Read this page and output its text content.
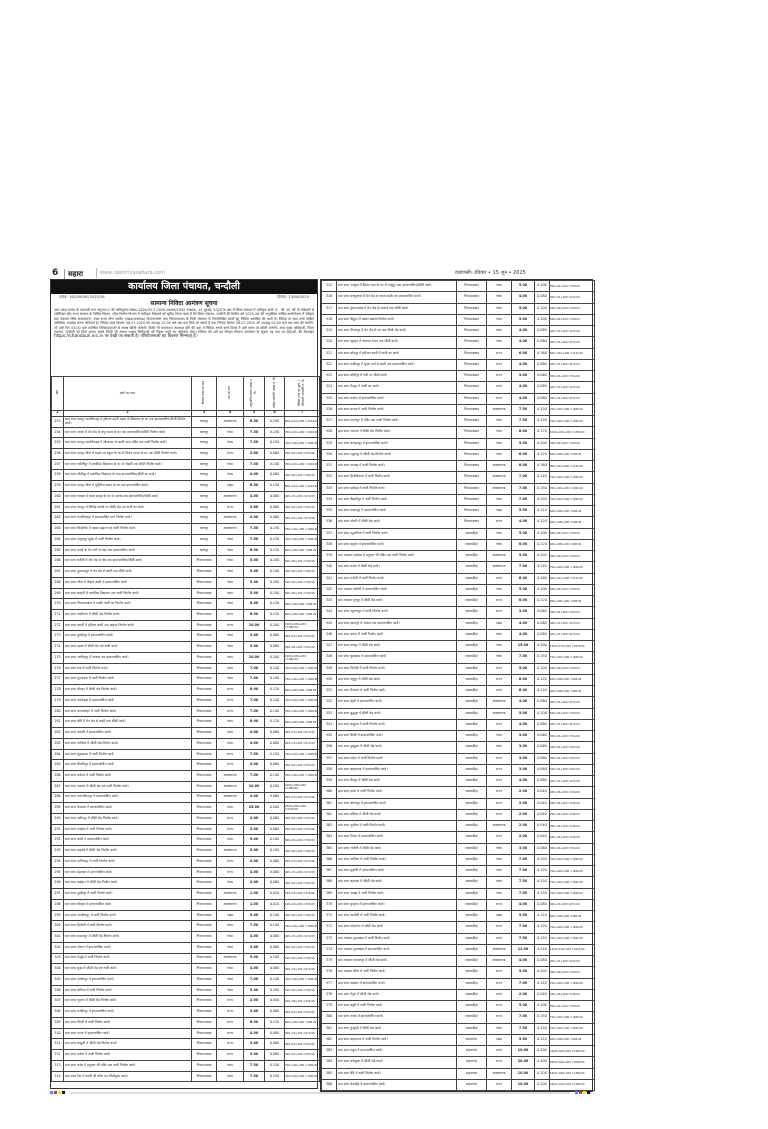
6	सहारा	www.rashtriyasahara.com	वाराणसी। रविवार • 15 जून • 2025
कार्यालय जिला पंचायत, चन्दौली
पत्रांक: 162/अ0/अ0/2025/26	दिनांक: 13/06/2025
सामान्य निविदा आमंत्रण सूचना
उत्तर प्रदेश शासन के पंचायती राज अनुभाग-2 की अधिसूचना संख्या-1426/33-2-2020-सामान्य/2020 लखनऊ, 14 जुलाई, 2020 के क्रम में जिला पंचायत में पंजीकृत श्रेणी 'ए', 'बी' एवं 'सी' के ठेकेदारों से अतिरिक्त और राज्य सरकार के विभिन्न विभाग, लोक निर्माण विभाग में पंजीकृत ठेकेदारों को सूचित किया जाता है कि जिला पंचायत, चन्दौली की वित्तीय वर्ष 2025-26 की अनुमोदित वार्षिक कार्ययोजना में स्वीकृत ग्राम पंचायत निधि अवस्थापना, पंचम राज्य वित्त आयोग (टाइड/अनटाइड) योजनान्तर्गत तथा जिलापंचायत के निजी संसाधन से निम्नलिखित कार्यों हेतु निविदा आमंत्रित की जाती है। निविदा के साथ सभी वांछित अभिलेख अपलोड करना अनिवार्य है। निविदा प्रपत्र दिनांक 08.07.2025 को अपराह्न 12:00 बजे तक क्रय किये जा सकते हैं तथा निविदा दिनांक 08.07.2025 को अपराह्न 02:00 बजे तक जमा की जायेगी, जो उसी दिन 03:00 बजे उपस्थित निविदादाताओं के समक्ष खोली जायेगी। किसी भी कारणवश अवकाश होने की दशा में निविदा अगले कार्य दिवस में उसी समय पर खोली जायेगी। अपर मुख्य अधिकारी, जिला पंचायत, चन्दौली को बिना कारण बताये किसी भी अथवा समस्त निविदाओं को निरस्त करने का अधिकार होगा। निविदा की शर्तें एवं विस्तृत विवरण कार्यालय के सूचना पट्ट तथा एन.आई.सी. की वेबसाइट https://chandauli.nic.in पर देखी जा सकती है। परियोजनाओं का विवरण निम्नवत् है:-
क्रम	कार्य का नाम	विकास खण्ड का नाम	मद का नाम	अनुमानित लागत (लाख रु. में)	धरोहर धनराशि (लाख रु. में)	निविदा प्रपत्र का मूल्य + जीएसटी (धनराशि रु. में)
1	2	3	4	5	6	7
253	ग्राम सभा रामपुर कमलिकाहा में हरिजन बस्ती सड़क से शिवालय के घर तक इण्टरलाकिंग/सीसी निर्माण कार्य।	धानापुर	अवस्थापना	6.50	0.290	800+144+200 =1144.00
254	ग्राम सभा अमरा में मेन रोड से रामू यादव के घर तक इण्टरलाकिंग/सीसी निर्माण कार्य।	धानापुर	पंचम	7.50	0.150	700+126+200 =1026.00
255	ग्राम सभा रामपुर कमलिकाहा में शौचालय से काली माता मंदिर तक नाली निर्माण कार्य।	धानापुर	पंचम	7.50	0.150	700+126+200 =1026.00
256	ग्राम सभा रामपुर दियां में सड़क पर स्कूल के घर से विजय यादव के घर तक सीसी निर्माण कार्य।	धानापुर	राज्य	2.80	0.060	300+54+200 =554.00
257	ग्राम सभा नरौलीपुर में प्राथमिक विद्यालय के घर से पोखरी तक सीसी निर्माण कार्य।	धानापुर	पंचम	7.00	0.140	700+126+200 =1026.00
258	ग्राम सभा सौदीपुर में प्राथमिक विद्यालय के पास इण्टरलाकिंग/सीसी का कार्य।	धानापुर	पंचम	4.00	0.080	500+90+200 =790.00
259	ग्राम सभा रामपुर दियां में मुहिनिस यादव के घर तक इण्टरलाकिंग कार्य।	धानापुर	टाइड	6.50	0.130	800+144+200 =1144.00
260	ग्राम सभा गदसरा में बाबा साहब के घर से तालाब तक इण्टरलाकिंग/सीसी कार्य।	धानापुर	अवस्थापना	4.00	0.080	400+72+200 =672.00
261	ग्राम सभा रामपुर में विभिन्न स्थानों पर सीसी रोड एवं नाली का कार्य।	धानापुर	राज्य	2.80	0.060	300+54+200 =554.00
262	ग्राम सभा कमलिकाहा में इण्टरलाकिंग मार्ग निर्माण कार्य।	धानापुर	अवस्थापना	4.00	0.080	400+72+200 =672.00
263	ग्राम सभा चिरईगाँव में पक्का खड़ंजा एवं नाली निर्माण कार्य।	धानापुर	अवस्थापना	7.50	0.150	700+126+200 =1026.00
264	ग्राम सभा अमूलपुर मुड़ेरा में नाली निर्माण कार्य।	धानापुर	पंचम	7.50	0.150	700+126+200 =1026.00
265	ग्राम सभा कवई के मेन मार्ग से नहर तक इण्टरलाकिंग कार्य।	धानापुर	पंचम	6.00	0.120	600+108+200 =908.00
266	ग्राम सभा धरौली में मेन रोड से गाँव तक इण्टरलाकिंग/सीसी कार्य।	नियामताबाद	पंचम	5.00	0.100	500+90+200 =790.00
267	ग्राम सभा मुहम्मदपुर में मेन रोड से बस्ती तक सीसी कार्य।	नियामताबाद	पंचम	5.00	0.100	500+90+200 =790.00
268	ग्राम सभा लौंदा में चौहान बस्ती में इण्टरलाकिंग कार्य।	नियामताबाद	पंचम	5.00	0.100	500+90+200 =790.00
269	ग्राम सभा बरहनी में प्राथमिक विद्यालय तक नाली निर्माण कार्य।	नियामताबाद	पंचम	5.00	0.100	500+90+200 =790.00
270	ग्राम सभा नियामताबाद में पक्की नाली का निर्माण कार्य।	नियामताबाद	पंचम	6.00	0.120	600+108+200 =908.00
271	ग्राम सभा अलीनगर में सीसी रोड निर्माण कार्य।	नियामताबाद	राज्य	6.00	0.120	600+108+200 =908.00
272	ग्राम सभा बसनी में हरिजन बस्ती तक खड़ंजा निर्माण कार्य।	नियामताबाद	राज्य	10.00	0.200	1000+180+200 =1380.00
273	ग्राम सभा दुलहीपुर में इण्टरलाकिंग कार्य।	नियामताबाद	पंचम	3.00	0.060	300+54+200 =554.00
274	ग्राम सभा पड़ाव में सीसी रोड एवं नाली कार्य।	नियामताबाद	पंचम	3.00	0.060	300+54+200 =554.00
275	ग्राम सभा जलीलपुर में तालाब तक इण्टरलाकिंग कार्य।	नियामताबाद	पंचम	10.00	0.200	1000+180+200 =1380.00
276	ग्राम सभा रेमा में नाली निर्माण कार्य।	नियामताबाद	पंचम	7.00	0.140	700+126+200 =1026.00
277	ग्राम सभा मुगलचक में नाली निर्माण कार्य।	नियामताबाद	पंचम	7.00	0.140	700+126+200 =1026.00
278	ग्राम सभा चौरहट में सीसी रोड निर्माण कार्य।	नियामताबाद	राज्य	6.00	0.120	600+108+200 =908.00
279	ग्राम सभा पचफेड़वा में इण्टरलाकिंग कार्य।	नियामताबाद	राज्य	7.00	0.140	700+126+200 =1026.00
280	ग्राम सभा सरायमोहन में नाली निर्माण कार्य।	नियामताबाद	राज्य	7.00	0.140	700+126+200 =1026.00
281	ग्राम सभा बौरी में मेन रोड से बस्ती तक सीसी कार्य।	नियामताबाद	पंचम	6.00	0.120	600+108+200 =908.00
282	ग्राम सभा चंदासी में इण्टरलाकिंग कार्य।	नियामताबाद	पंचम	4.00	0.080	400+72+200 =672.00
283	ग्राम सभा परसिया में सीसी रोड निर्माण कार्य।	नियामताबाद	पंचम	4.00	0.080	400+72+200 =672.00
284	ग्राम सभा कूढ़ाकला में नाली निर्माण कार्य।	नियामताबाद	राज्य	7.50	0.150	700+126+200 =1026.00
285	ग्राम सभा मिल्कीपुर में इण्टरलाकिंग कार्य।	नियामताबाद	राज्य	3.00	0.060	300+54+200 =554.00
286	ग्राम सभा कटेसर में नाली निर्माण कार्य।	नियामताबाद	अवस्थापना	7.00	0.140	700+126+200 =1026.00
287	ग्राम सभा भदवार में सीसी रोड एवं नाली निर्माण कार्य।	नियामताबाद	अवस्थापना	10.00	0.200	1000+180+200 =1380.00
288	ग्राम सभा ताराजीवनपुर में इण्टरलाकिंग कार्य।	नियामताबाद	अवस्थापना	4.00	0.080	400+72+200 =672.00
289	ग्राम सभा कैलावर में इण्टरलाकिंग कार्य।	नियामताबाद	पंचम	25.00	0.500	2500+450+200 =3150.00
290	ग्राम सभा नसीरपुर में सीसी रोड निर्माण कार्य।	नियामताबाद	राज्य	3.00	0.060	300+54+200 =554.00
291	ग्राम सभा मवईया में नाली निर्माण कार्य।	नियामताबाद	राज्य	3.00	0.060	300+54+200 =554.00
292	ग्राम सभा बरठी में इण्टरलाकिंग कार्य।	नियामताबाद	पंचम	5.00	0.100	500+90+200 =790.00
293	ग्राम सभा सहरोई में सीसी रोड निर्माण कार्य।	नियामताबाद	अवस्थापना	5.00	0.100	500+90+200 =790.00
294	ग्राम सभा मानिकपुर में नाली निर्माण कार्य।	नियामताबाद	राज्य	4.00	0.080	400+72+200 =672.00
295	ग्राम सभा डेढ़गावां में इण्टरलाकिंग कार्य।	नियामताबाद	राज्य	4.00	0.080	400+72+200 =672.00
296	ग्राम सभा खड़ेहरा में सीसी रोड निर्माण कार्य।	नियामताबाद	पंचम	3.00	0.060	300+54+200 =554.00
297	ग्राम सभा दुल्हीपुर में नाली निर्माण कार्य।	नियामताबाद	अवस्थापना	1.00	0.020	100+18+200 =318.00
298	ग्राम सभा धौरहरा में इण्टरलाकिंग कार्य।	नियामताबाद	अवस्थापना	1.00	0.020	100+18+200 =318.00
299	ग्राम सभा जगदीशपुर में नाली निर्माण कार्य।	नियामताबाद	टाइड	5.00	0.100	500+90+200 =790.00
300	ग्राम सभा हिनौली में नाली निर्माण कार्य।	नियामताबाद	पंचम	7.50	0.150	700+126+200 =1026.00
301	ग्राम सभा सकलपुर में सीसी रोड निर्माण कार्य।	नियामताबाद	पंचम	4.00	0.080	400+72+200 =672.00
302	ग्राम सभा गोधना में इण्टरलाकिंग कार्य।	नियामताबाद	पंचम	3.00	0.060	300+54+200 =554.00
303	ग्राम सभा तेन्दुई में नाली निर्माण कार्य।	नियामताबाद	अवस्थापना	5.00	0.100	500+90+200 =790.00
304	ग्राम सभा कुंडा में सीसी रोड एवं नाली कार्य।	नियामताबाद	पंचम	4.00	0.080	400+72+200 =672.00
305	ग्राम सभा अमोघपुर में इण्टरलाकिंग कार्य।	नियामताबाद	पंचम	7.00	0.140	700+126+200 =1026.00
306	ग्राम सभा चकिया में नाली निर्माण कार्य।	नियामताबाद	पंचम	5.00	0.100	500+90+200 =790.00
307	ग्राम सभा भुजना में सीसी रोड निर्माण कार्य।	नियामताबाद	राज्य	2.00	0.040	200+36+200 =436.00
308	ग्राम सभा कादिरपुर में इण्टरलाकिंग कार्य।	नियामताबाद	राज्य	3.00	0.060	300+54+200 =554.00
309	ग्राम सभा पिपरी में नाली निर्माण कार्य।	नियामताबाद	राज्य	6.00	0.120	600+108+200 =908.00
310	ग्राम सभा पटना में इण्टरलाकिंग कार्य।	नियामताबाद	राज्य	4.00	0.080	400+72+200 =672.00
311	ग्राम सभा बरहुली में सीसी रोड निर्माण कार्य।	नियामताबाद	राज्य	3.00	0.060	300+54+200 =554.00
312	ग्राम सभा कटेया में नाली निर्माण कार्य।	नियामताबाद	राज्य	3.00	0.060	300+54+200 =554.00
313	ग्राम सभा कांटा में हनुमान जी मंदिर तक नाली निर्माण कार्य।	नियामताबाद	पंचम	7.50	0.150	700+126+200 =1026.00
314	ग्राम सभा रैया में काली जी मंदिर का जीर्णोद्धार कार्य।	नियामताबाद	पंचम	7.50	0.150	700+126+200 =1026.00
315	ग्राम सभा भरथुवा में शिवम पाल के घर से नन्दूपुर तक इण्टरलाकिंग/सीसी कार्य।	नियामताबाद	पंचम	5.00	0.100	500+90+200 =790.00
316	ग्राम सभा बनभुलावा में मेन रोड से यादव बस्ती तक इण्टरलाकिंग कार्य।	नियामताबाद	पंचम	4.00	0.080	400+72+200 =672.00
317	ग्राम सभा मुस्तफाबाद में मेन रोड से तालाब तक सीसी कार्य।	नियामताबाद	पंचम	5.00	0.100	500+90+200 =790.00
318	ग्राम सभा सिहुटा में पक्का खड़ंजा निर्माण कार्य।	नियामताबाद	पंचम	5.00	0.100	500+90+200 =790.00
319	ग्राम सभा पीपलपुर में मेन रोड से घर तक सीसी रोड कार्य।	नियामताबाद	पंचम	4.00	0.080	400+72+200 =672.00
320	ग्राम सभा खुटहन में पंचायत भवन तक सीसी कार्य।	नियामताबाद	पंचम	4.00	0.080	400+72+200 =672.00
321	ग्राम सभा सौदपुर में हरिजन बस्ती में नाली का कार्य।	नियामताबाद	राज्य	6.00	0.160	800+144+200 =1144.00
322	ग्राम सभा कबीरपुर में मुख्य मार्ग से बस्ती तक इण्टरलाकिंग कार्य।	नियामताबाद	राज्य	4.00	0.080	400+72+200 =672.00
323	ग्राम सभा सौदीपुर में गली पर सीसी कार्य।	नियामताबाद	राज्य	3.00	0.060	300+54+200 =554.00
324	ग्राम सभा मैदपुर में नाली का कार्य।	नियामताबाद	राज्य	4.00	0.080	400+72+200 =672.00
325	ग्राम सभा करौता में इण्टरलाकिंग कार्य।	नियामताबाद	राज्य	4.00	0.080	400+72+200 =672.00
326	ग्राम सभा सराया में नाली निर्माण कार्य।	नियामताबाद	अवस्थापना	7.50	0.150	700+126+200 =1026.00
327	ग्राम सभा पारलपुर में मंदिर तक नाली निर्माण कार्य।	नियामताबाद	पंचम	7.50	0.150	700+126+200 =1026.00
328	ग्राम सभा भदरसा में सीसी रोड निर्माण कार्य।	नियामताबाद	पंचम	6.00	0.170	1000+180+200 =1380.00
329	ग्राम सभा धनाइतपुर में इण्टरलाकिंग कार्य।	नियामताबाद	पंचम	5.00	0.100	500+90+200 =790.00
330	ग्राम सभा रसूलपुर में सीसी रोड निर्माण कार्य।	नियामताबाद	पंचम	6.00	0.120	600+108+200 =908.00
331	ग्राम सभा परसहा में नाली निर्माण कार्य।	नियामताबाद	अवस्थापना	8.00	0.160	800+144+200 =1144.00
332	ग्राम सभा हिनौतीकला में नाली निर्माण कार्य।	नियामताबाद	अवस्थापना	7.00	0.140	700+126+200 =1026.00
333	ग्राम सभा खरौझा में नाली निर्माण कार्य।	नियामताबाद	अवस्थापना	7.00	0.150	700+126+200 =1026.00
334	ग्राम सभा बिहारीपुर में नाली निर्माण कार्य।	नियामताबाद	पंचम	7.00	0.150	700+126+200 =1026.00
335	ग्राम सभा लखनपुर में इण्टरलाकिंग कार्य।	नियामताबाद	टाइड	5.50	0.110	600+108+200 =908.00
336	ग्राम सभा गोरारी में सीसी रोड कार्य।	नियामताबाद	राज्य	4.00	0.120	600+108+200 =908.00
337	ग्राम सभा महुअरिया में नाली निर्माण कार्य।	सकलडीहा	पंचम	5.00	0.100	500+90+200 =790.00
338	ग्राम सभा बलुआ में इण्टरलाकिंग कार्य।	सकलडीहा	पंचम	6.00	0.120	600+108+200 =908.00
339	ग्राम पंचायत महोखर में हनुमान जी मंदिर तक नाली निर्माण कार्य।	सकलडीहा	अवस्थापना	5.00	0.100	500+90+200 =790.00
340	ग्राम सभा कांवर में सीसी रोड कार्य।	सकलडीहा	अवस्थापना	7.00	0.140	700+126+200 =1026.00
341	ग्राम सभा सरौली में नाली निर्माण कार्य।	सकलडीहा	राज्य	6.00	0.160	800+144+200 =1144.00
342	ग्राम पंचायत चंदौली में इण्टरलाकिंग कार्य।	सकलडीहा	पंचम	5.00	0.100	500+90+200 =790.00
343	ग्राम पंचायत नुरपुर में सीसी रोड कार्य।	सकलडीहा	राज्य	6.00	0.120	600+108+200 =908.00
344	ग्राम सभा रघुनाथपुर में नाली निर्माण कार्य।	सकलडीहा	राज्य	3.00	0.060	300+54+200 =554.00
345	ग्राम सभा हसनपुर में तालाब तक इण्टरलाकिंग कार्य।	सकलडीहा	टाइड	4.00	0.080	400+72+200 =672.00
346	ग्राम सभा चकरा में नाली निर्माण कार्य।	सकलडीहा	पंचम	4.00	0.080	400+72+200 =672.00
347	ग्राम सभा रामपुर में सीसी रोड कार्य।	सकलडीहा	पंचम	15.00	0.300	1500+270+200 =1970.00
348	ग्राम सभा धूसखास में इण्टरलाकिंग कार्य।	सकलडीहा	पंचम	7.50	0.150	700+126+200 =1026.00
349	ग्राम सभा चितौड़ी में नाली निर्माण कार्य।	सकलडीहा	राज्य	5.00	0.100	500+90+200 =790.00
350	ग्राम सभा मधुपुर में सीसी रोड कार्य।	सकलडीहा	राज्य	6.00	0.120	600+108+200 =908.00
351	ग्राम सभा कैलावर में नाली निर्माण कार्य।	सकलडीहा	राज्य	6.00	0.120	600+108+200 =908.00
352	ग्राम सभा डेहरी में इण्टरलाकिंग कार्य।	सकलडीहा	अवस्थापना	4.00	0.080	400+72+200 =672.00
353	ग्राम सभा बुद्धपुर में सीसी रोड कार्य।	सकलडीहा	अवस्थापना	5.00	0.100	500+90+200 =790.00
354	ग्राम सभा बरहुआ में नाली निर्माण कार्य।	सकलडीहा	राज्य	4.00	0.080	400+72+200 =672.00
355	ग्राम सभा डिग्घी में इण्टरलाकिंग कार्य।	सकलडीहा	पंचम	3.00	0.060	300+54+200 =554.00
356	ग्राम सभा मुड़हुआ में सीसी रोड कार्य।	सकलडीहा	पंचम	3.00	0.060	300+54+200 =554.00
357	ग्राम सभा महेवा में नाली निर्माण कार्य।	सकलडीहा	राज्य	3.00	0.060	300+54+200 =554.00
358	ग्राम सभा बारहगावां में इण्टरलाकिंग कार्य।	सकलडीहा	राज्य	3.00	0.060	300+54+200 =554.00
359	ग्राम सभा सैदपुर में सीसी रोड कार्य।	सकलडीहा	राज्य	4.00	0.080	400+72+200 =672.00
360	ग्राम सभा इटवा में नाली निर्माण कार्य।	सकलडीहा	राज्य	2.00	0.040	200+36+200 =436.00
361	ग्राम सभा डोमनपुर में इण्टरलाकिंग कार्य।	सकलडीहा	राज्य	2.00	0.040	200+36+200 =436.00
362	ग्राम सभा बसिला में सीसी रोड कार्य।	सकलडीहा	राज्य	2.00	0.040	200+36+200 =436.00
363	ग्राम सभा भुसौला में नाली निर्माण कार्य।	सकलडीहा	अवस्थापना	2.00	0.040	200+36+200 =436.00
364	ग्राम सभा तियरा में इण्टरलाकिंग कार्य।	सकलडीहा	राज्य	2.00	0.040	200+36+200 =436.00
365	ग्राम सभा जनौली में सीसी रोड कार्य।	सकलडीहा	पंचम	3.00	0.060	300+54+200 =554.00
366	ग्राम सभा परसिया में नाली निर्माण कार्य।	सकलडीहा	पंचम	7.00	0.150	700+126+200 =1026.00
367	ग्राम सभा सुदौली में इण्टरलाकिंग कार्य।	सकलडीहा	पंचम	7.00	0.150	700+126+200 =1026.00
368	ग्राम सभा बड़गावां में सीसी रोड कार्य।	सकलडीहा	पंचम	7.50	0.150	700+126+200 =1026.00
369	ग्राम सभा अमड़ा में नाली निर्माण कार्य।	सकलडीहा	पंचम	7.50	0.150	700+126+200 =1026.00
370	ग्राम सभा कुरहना में इण्टरलाकिंग कार्य।	सकलडीहा	राज्य	4.00	0.080	400+72+200 =672.00
371	ग्राम सभा परसोनी में नाली निर्माण कार्य।	सकलडीहा	टाइड	5.50	0.110	600+108+200 =908.00
372	ग्राम सभा मोहरगंज में सीसी रोड कार्य।	सकलडीहा	राज्य	7.00	0.150	700+126+200 =1026.00
373	ग्राम पंचायत मुसाखाड़ में नाली निर्माण कार्य।	सकलडीहा	राज्य	7.50	0.150	700+126+200 =1026.00
374	ग्राम पंचायत मुसाखाड़ में इण्टरलाकिंग कार्य।	सकलडीहा	अवस्थापना	12.00	0.240	1200+216+200 =1616.00
375	ग्राम पंचायत कमालपुर में सीसी रोड कार्य।	सकलडीहा	अवस्थापना	4.00	0.080	400+72+200 =672.00
376	ग्राम पंचायत धीना में नाली निर्माण कार्य।	सकलडीहा	राज्य	5.00	0.100	500+90+200 =790.00
377	ग्राम सभा मझवार में इण्टरलाकिंग कार्य।	सकलडीहा	राज्य	7.00	0.140	700+126+200 =1026.00
378	ग्राम सभा नेगुरा में सीसी रोड कार्य।	सकलडीहा	राज्य	2.00	0.040	200+36+200 =436.00
379	ग्राम सभा बबुरी में नाली निर्माण कार्य।	सकलडीहा	राज्य	5.00	0.100	500+90+200 =790.00
380	ग्राम सभा अमरा में इण्टरलाकिंग कार्य।	सकलडीहा	राज्य	7.00	0.150	700+126+200 =1026.00
381	ग्राम सभा कुसुम्ही में सीसी रोड कार्य।	सकलडीहा	पंचम	7.50	0.150	700+126+200 =1026.00
382	ग्राम सभा सहाबगंज में नाली निर्माण कार्य।	सहाबगंज	टाइड	5.50	0.110	600+108+200 =908.00
383	ग्राम सभा लहुरा में इण्टरलाकिंग कार्य।	सहाबगंज	राज्य	10.00	0.200	1000+180+200 =1380.00
384	ग्राम सभा कोल्हुआ में सीसी रोड कार्य।	सहाबगंज	राज्य	20.00	0.400	2000+360+200 =2560.00
385	ग्राम सभा बैरी में नाली निर्माण कार्य।	सहाबगंज	अवस्थापना	10.00	0.200	1000+180+200 =1380.00
386	ग्राम सभा केराडीह में इण्टरलाकिंग कार्य।	सहाबगंज	राज्य	10.00	0.200	1000+180+200 =1380.00
